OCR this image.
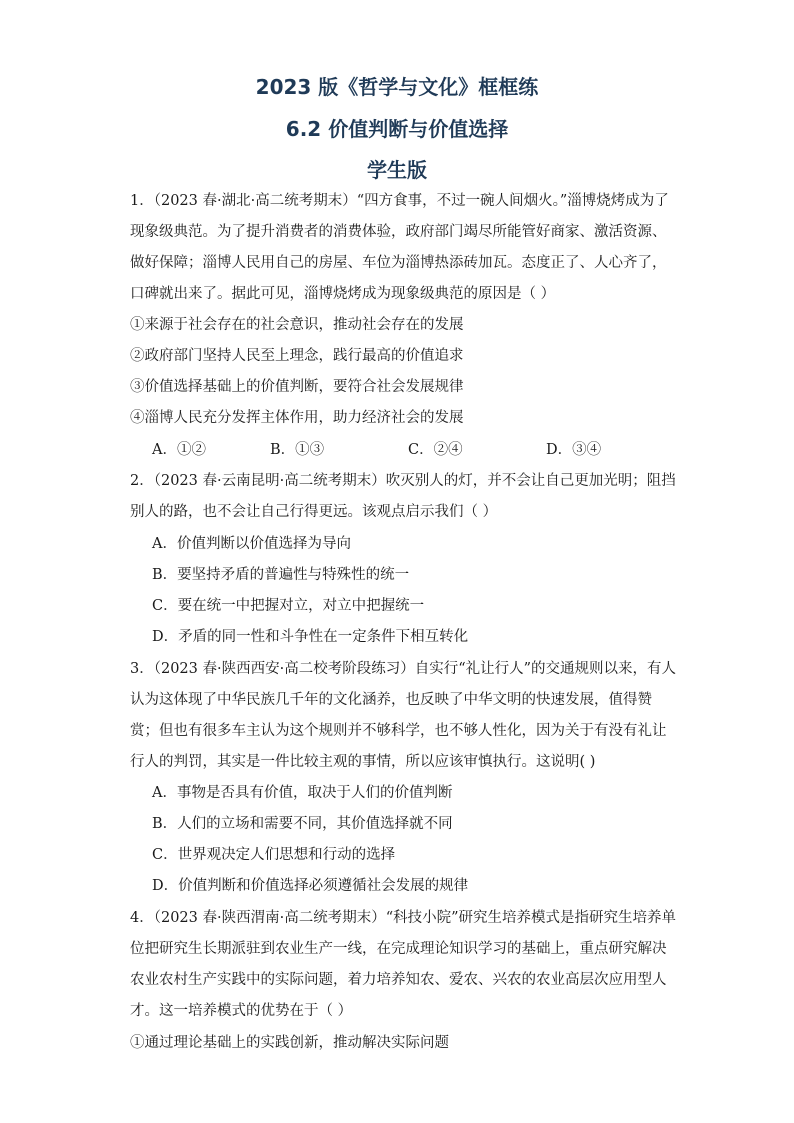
2023 版《哲学与文化》框框练
6.2 价值判断与价值选择
学生版
1．（2023 春·湖北·高二统考期末）“四方食事，不过一碗人间烟火。”淄博烧烤成为了
现象级典范。为了提升消费者的消费体验，政府部门竭尽所能管好商家、激活资源、
做好保障；淄博人民用自己的房屋、车位为淄博热添砖加瓦。态度正了、人心齐了，
口碑就出来了。据此可见，淄博烧烤成为现象级典范的原因是（ ）
①来源于社会存在的社会意识，推动社会存在的发展
②政府部门坚持人民至上理念，践行最高的价值追求
③价值选择基础上的价值判断，要符合社会发展规律
④淄博人民充分发挥主体作用，助力经济社会的发展
A．①②	B．①③	C．②④	D．③④
2．（2023 春·云南昆明·高二统考期末）吹灭别人的灯，并不会让自己更加光明；阻挡
别人的路，也不会让自己行得更远。该观点启示我们（ ）
A．价值判断以价值选择为导向
B．要坚持矛盾的普遍性与特殊性的统一
C．要在统一中把握对立，对立中把握统一
D．矛盾的同一性和斗争性在一定条件下相互转化
3．（2023 春·陕西西安·高二校考阶段练习）自实行“礼让行人”的交通规则以来，有人
认为这体现了中华民族几千年的文化涵养，也反映了中华文明的快速发展，值得赞
赏；但也有很多车主认为这个规则并不够科学，也不够人性化，因为关于有没有礼让
行人的判罚，其实是一件比较主观的事情，所以应该审慎执行。这说明( )
A．事物是否具有价值，取决于人们的价值判断
B．人们的立场和需要不同，其价值选择就不同
C．世界观决定人们思想和行动的选择
D．价值判断和价值选择必须遵循社会发展的规律
4．（2023 春·陕西渭南·高二统考期末）“科技小院”研究生培养模式是指研究生培养单
位把研究生长期派驻到农业生产一线，在完成理论知识学习的基础上，重点研究解决
农业农村生产实践中的实际问题，着力培养知农、爱农、兴农的农业高层次应用型人
才。这一培养模式的优势在于（ ）
①通过理论基础上的实践创新，推动解决实际问题
